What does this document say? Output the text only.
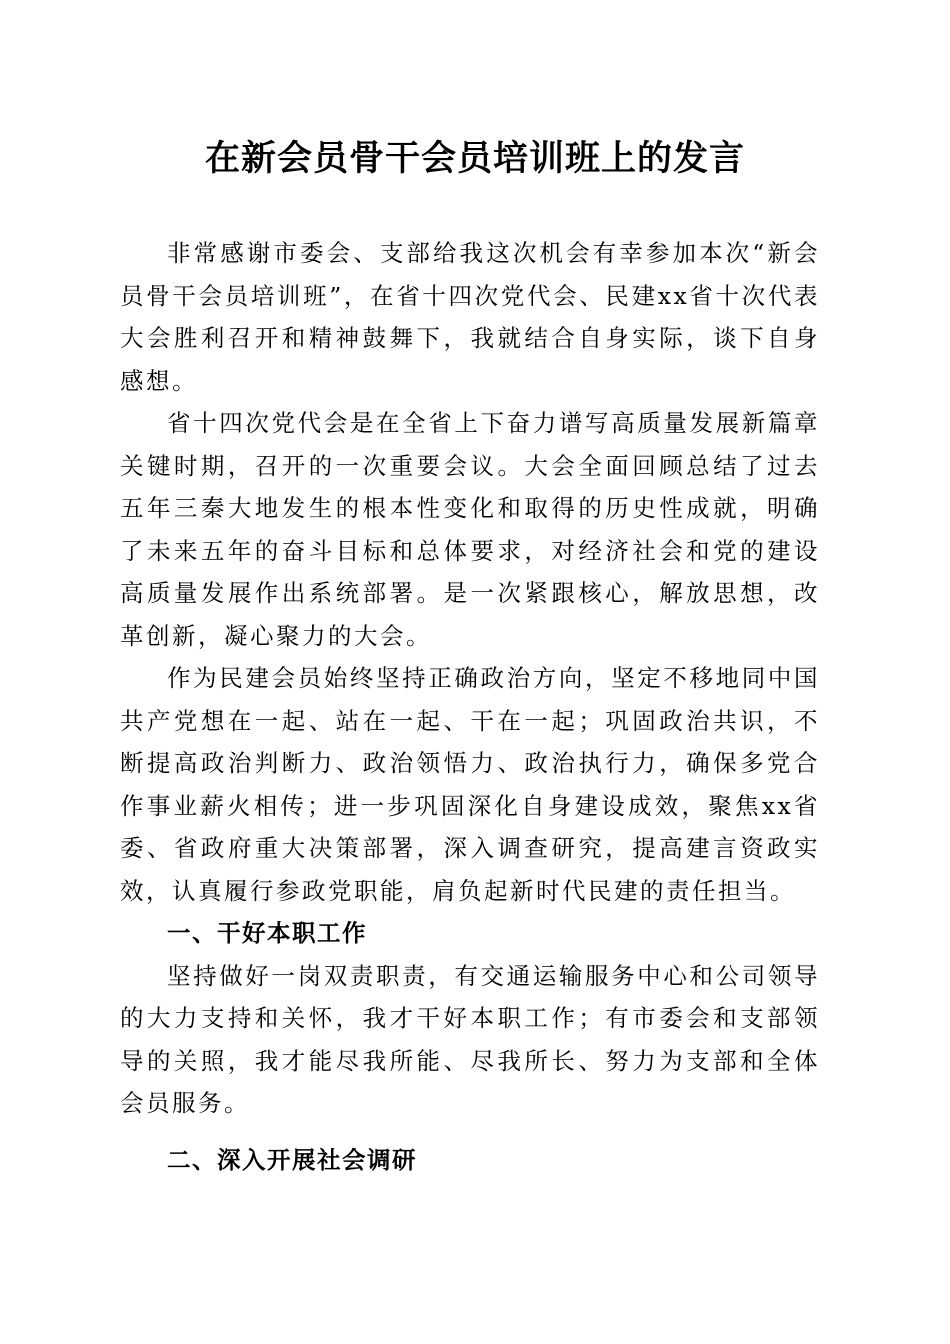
在新会员骨干会员培训班上的发言

非常感谢市委会、支部给我这次机会有幸参加本次“新会员骨干会员培训班”，在省十四次党代会、民建xx省十次代表大会胜利召开和精神鼓舞下，我就结合自身实际，谈下自身感想。

省十四次党代会是在全省上下奋力谱写高质量发展新篇章关键时期，召开的一次重要会议。大会全面回顾总结了过去五年三秦大地发生的根本性变化和取得的历史性成就，明确了未来五年的奋斗目标和总体要求，对经济社会和党的建设高质量发展作出系统部署。是一次紧跟核心，解放思想，改革创新，凝心聚力的大会。

作为民建会员始终坚持正确政治方向，坚定不移地同中国共产党想在一起、站在一起、干在一起；巩固政治共识，不断提高政治判断力、政治领悟力、政治执行力，确保多党合作事业薪火相传；进一步巩固深化自身建设成效，聚焦xx省委、省政府重大决策部署，深入调查研究，提高建言资政实效，认真履行参政党职能，肩负起新时代民建的责任担当。

一、干好本职工作

坚持做好一岗双责职责，有交通运输服务中心和公司领导的大力支持和关怀，我才干好本职工作；有市委会和支部领导的关照，我才能尽我所能、尽我所长、努力为支部和全体会员服务。

二、深入开展社会调研
